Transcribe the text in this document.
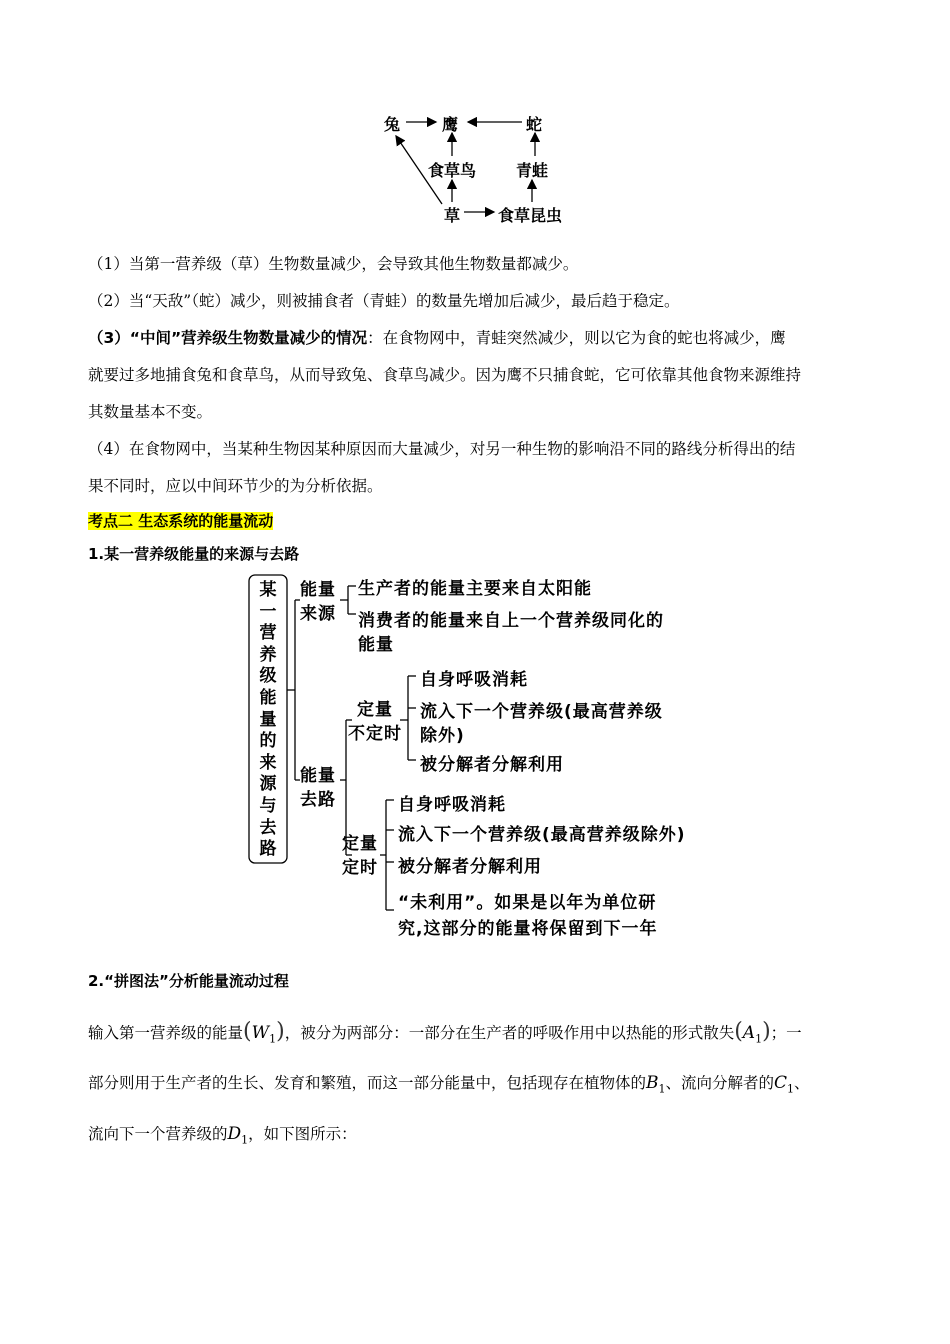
兔	鹰	蛇
食草鸟 青蛙
草 食草昆虫
（1）当第一营养级（草）生物数量减少，会导致其他生物数量都减少。
（2）当“天敌”（蛇）减少，则被捕食者（青蛙）的数量先增加后减少，最后趋于稳定。
（3）“中间”营养级生物数量减少的情况：在食物网中，青蛙突然减少，则以它为食的蛇也将减少，鹰
就要过多地捕食兔和食草鸟，从而导致兔、食草鸟减少。因为鹰不只捕食蛇，它可依靠其他食物来源维持
其数量基本不变。
（4）在食物网中，当某种生物因某种原因而大量减少，对另一种生物的影响沿不同的路线分析得出的结
果不同时，应以中间环节少的为分析依据。
考点二 生态系统的能量流动
1.某一营养级能量的来源与去路
某
一
营
养
级
能
量
的
来
源
与
去
路
能量
来源
生产者的能量主要来自太阳能
消费者的能量来自上一个营养级同化的
能量
能量
去路
定量
不定时
自身呼吸消耗
流入下一个营养级(最高营养级
除外)
被分解者分解利用
定量
定时
自身呼吸消耗
流入下一个营养级(最高营养级除外)
被分解者分解利用
“未利用”。如果是以年为单位研
究,这部分的能量将保留到下一年
2.“拼图法”分析能量流动过程
输入第一营养级的能量$(W_1)$，被分为两部分：一部分在生产者的呼吸作用中以热能的形式散失$(A_1)$；一
部分则用于生产者的生长、发育和繁殖，而这一部分能量中，包括现存在植物体的$B_1$、流向分解者的$C_1$、
流向下一个营养级的$D_1$，如下图所示：
